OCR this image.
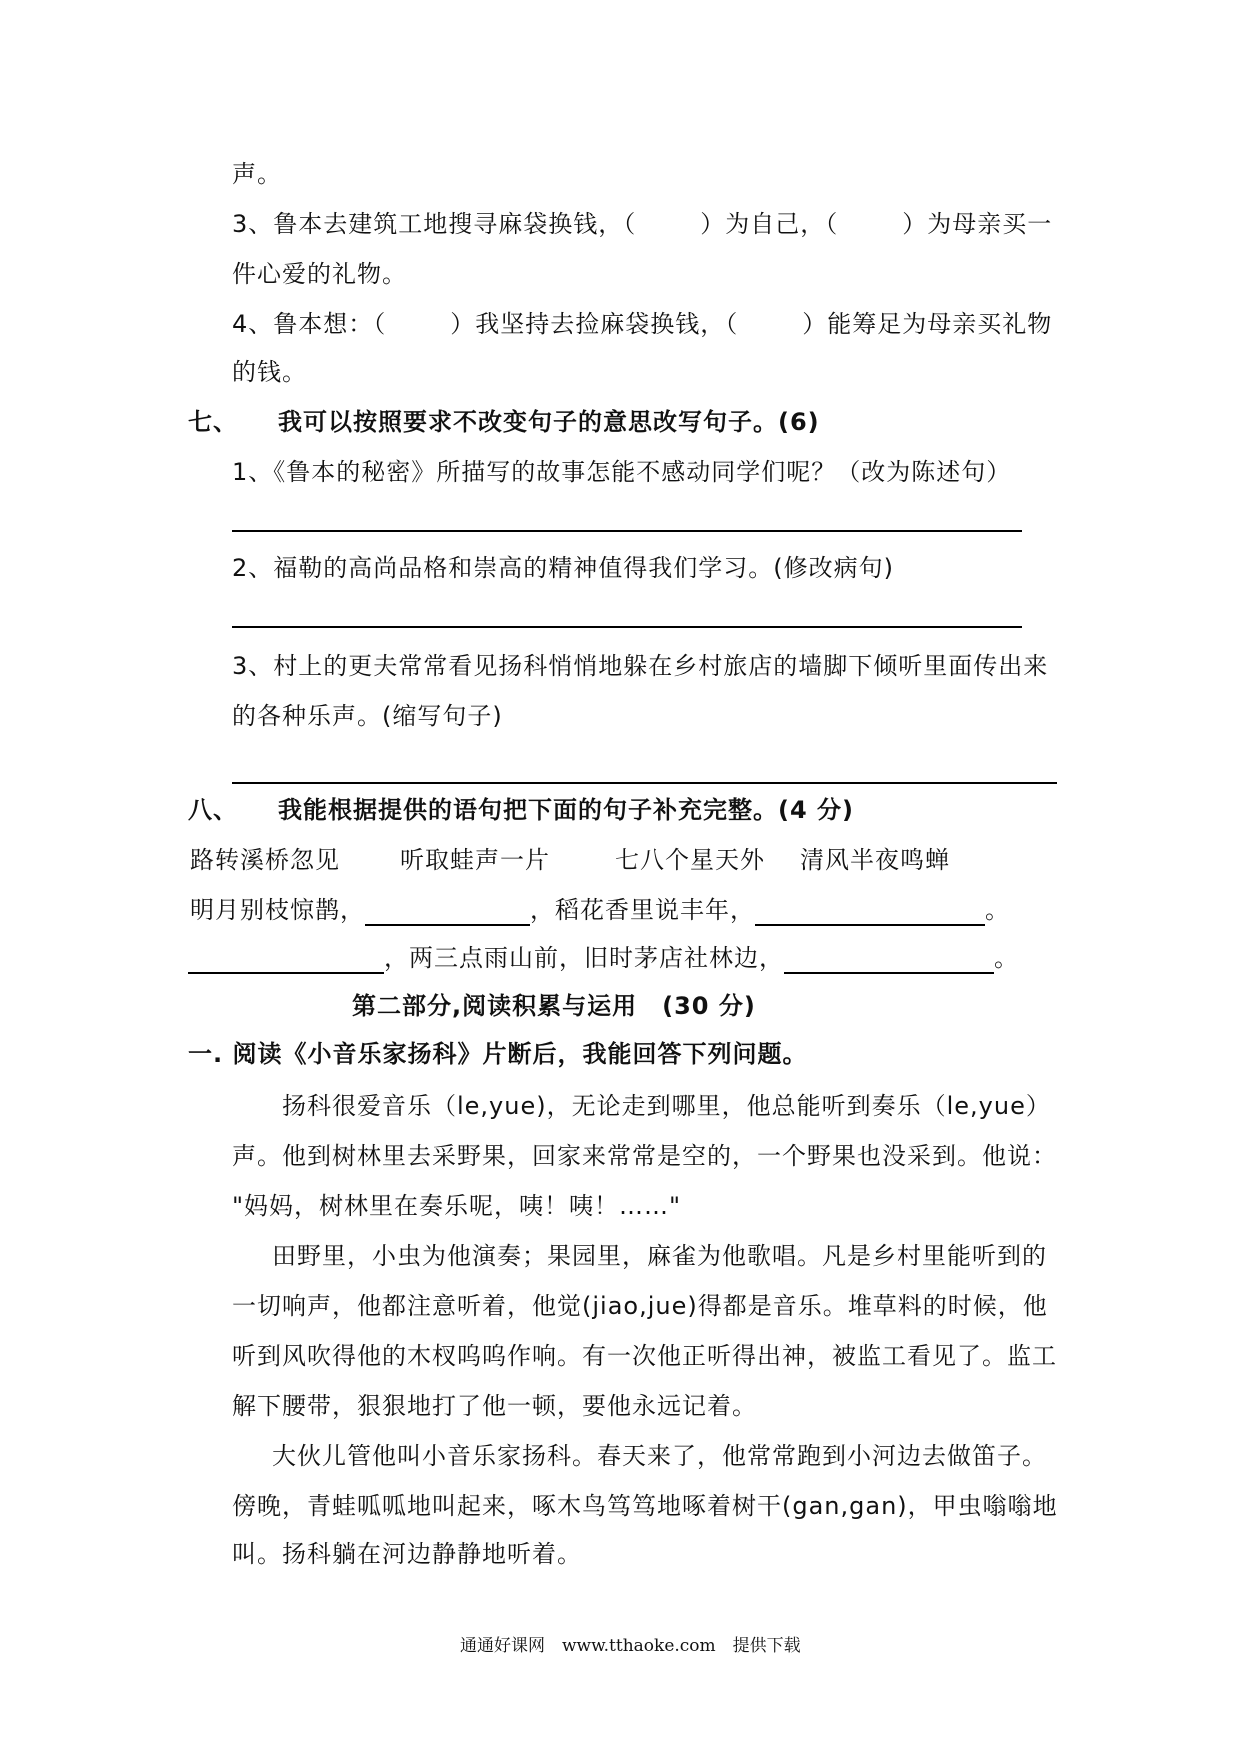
声。
3、鲁本去建筑工地搜寻麻袋换钱，（	）为自己，（	）为母亲买一
件心爱的礼物。
4、鲁本想：（	）我坚持去捡麻袋换钱，（	）能筹足为母亲买礼物
的钱。
七、 我可以按照要求不改变句子的意思改写句子。(6)
1、《鲁本的秘密》所描写的故事怎能不感动同学们呢？（改为陈述句）
2、福勒的高尚品格和崇高的精神值得我们学习。(修改病句)
3、村上的更夫常常看见扬科悄悄地躲在乡村旅店的墙脚下倾听里面传出来
的各种乐声。(缩写句子)
八、 我能根据提供的语句把下面的句子补充完整。(4 分)
路转溪桥忽见	听取蛙声一片	七八个星天外 清风半夜鸣蝉
明月别枝惊鹊，	，稻花香里说丰年，	。
，两三点雨山前，旧时茅店社林边，	。
第二部分,阅读积累与运用　(30 分)
一. 阅读《小音乐家扬科》片断后，我能回答下列问题。
扬科很爱音乐（le,yue)，无论走到哪里，他总能听到奏乐（le,yue）
声。他到树林里去采野果，回家来常常是空的，一个野果也没采到。他说：
"妈妈，树林里在奏乐呢，咦！咦！……"
田野里，小虫为他演奏；果园里，麻雀为他歌唱。凡是乡村里能听到的
一切响声，他都注意听着，他觉(jiao,jue)得都是音乐。堆草料的时候，他
听到风吹得他的木杈呜呜作响。有一次他正听得出神，被监工看见了。监工
解下腰带，狠狠地打了他一顿，要他永远记着。
大伙儿管他叫小音乐家扬科。春天来了，他常常跑到小河边去做笛子。
傍晚，青蛙呱呱地叫起来，啄木鸟笃笃地啄着树干(gan,gan)，甲虫嗡嗡地
叫。扬科躺在河边静静地听着。
通通好课网　www.tthaoke.com　提供下载
